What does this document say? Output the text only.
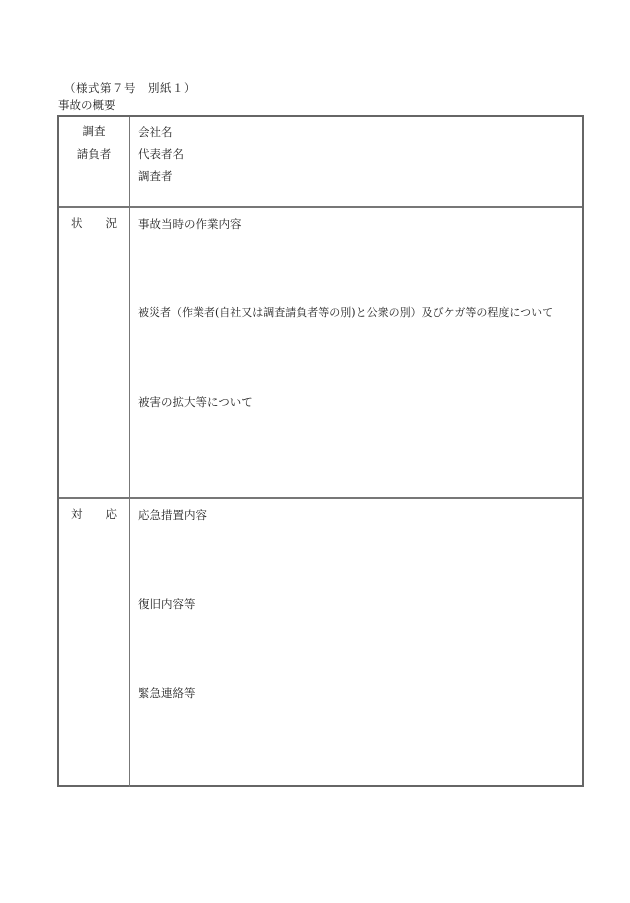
（様式第７号　別紙１）
事故の概要
調査
請負者
会社名
代表者名
調査者
状 況 事故当時の作業内容
被災者（作業者(自社又は調査請負者等の別)と公衆の別）及びケガ等の程度について
被害の拡大等について
対 応 応急措置内容
復旧内容等
緊急連絡等
